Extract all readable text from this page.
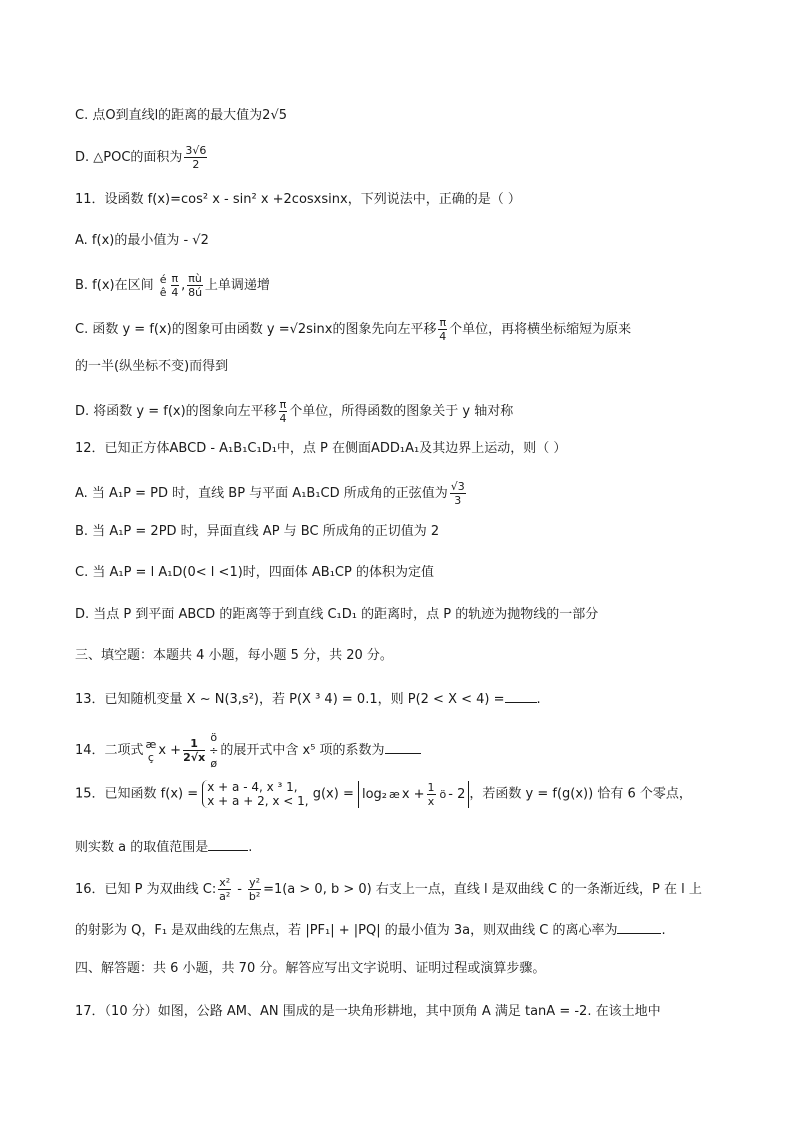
C. 点O到直线l的距离的最大值为2√5
D. △POC的面积为 $\frac{3√6}{2}$
11．设函数 f(x)=cos² x - sin² x +2cosxsinx，下列说法中，正确的是（ ）
A. f(x)的最小值为 - √2
B. f(x)在区间 é
ê $\frac{\pi}{4}$ , $\frac{\pi ù}{8ú}$ 上单调递增
C. 函数 y = f(x)的图象可由函数 y =√2sinx的图象先向左平移 $\frac{\pi}{4}$ 个单位，再将横坐标缩短为原来
的一半(纵坐标不变)而得到
D. 将函数 y = f(x)的图象向左平移 $\frac{\pi}{4}$ 个单位，所得函数的图象关于 y 轴对称
12．已知正方体ABCD - A₁B₁C₁D₁中，点 P 在侧面ADD₁A₁及其边界上运动，则（ ）
A. 当 A₁P = PD 时，直线 BP 与平面 A₁B₁CD 所成角的正弦值为 $\frac{√3}{3}$
B. 当 A₁P = 2PD 时，异面直线 AP 与 BC 所成角的正切值为 2
C. 当 A₁P = l A₁D(0< l <1)时，四面体 AB₁CP 的体积为定值
D. 当点 P 到平面 ABCD 的距离等于到直线 C₁D₁ 的距离时，点 P 的轨迹为抛物线的一部分
三、填空题：本题共 4 小题，每小题 5 分，共 20 分。
13．已知随机变量 X ~ N(3,s²)，若 P(X ³ 4) = 0.1，则 P(2 < X < 4) = .
14．二项式 æ
ç $x + \frac{1}{2√x}$ ö
÷
ø
的展开式中含 x⁵ 项的系数为
15．已知函数 f(x) = x + a - 4, x ³ 1,
x + a + 2, x < 1, g(x) = log₂ æ $x + \frac{1}{x}$ ö - 2 ，若函数 y = f(g(x)) 恰有 6 个零点，
则实数 a 的取值范围是	.
16．已知 P 为双曲线 C: $\frac{\text{x²}}{\text{a²}} - \frac{\text{y²}}{\text{b²}} =1(a > 0$, b > 0) 右支上一点，直线 l 是双曲线 C 的一条渐近线，P 在 l 上
的射影为 Q，F₁ 是双曲线的左焦点，若 |PF₁| + |PQ| 的最小值为 3a，则双曲线 C 的离心率为	.
四、解答题：共 6 小题，共 70 分。解答应写出文字说明、证明过程或演算步骤。
17．（10 分）如图，公路 AM、AN 围成的是一块角形耕地，其中顶角 A 满足 tanA = -2. 在该土地中
